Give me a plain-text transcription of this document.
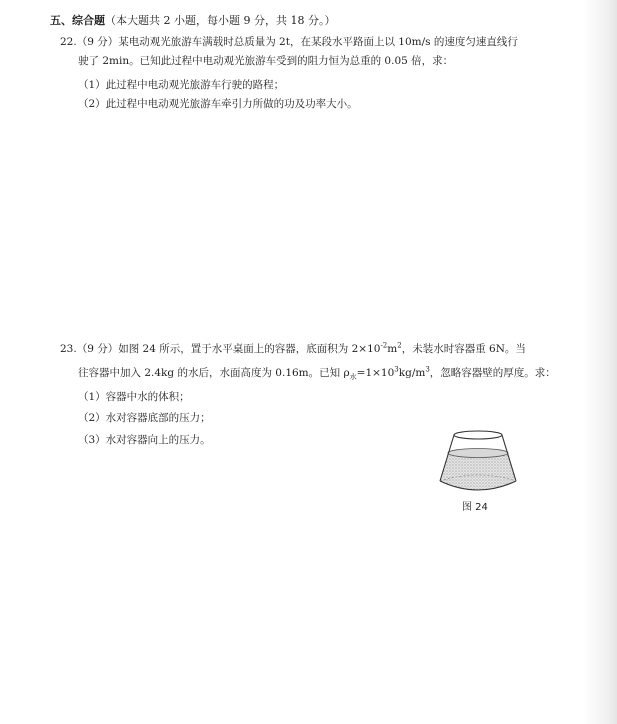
五、综合题（本大题共 2 小题，每小题 9 分，共 18 分。）
22.（9 分）某电动观光旅游车满载时总质量为 2t，在某段水平路面上以 10m/s 的速度匀速直线行
驶了 2min。已知此过程中电动观光旅游车受到的阻力恒为总重的 0.05 倍，求：
（1）此过程中电动观光旅游车行驶的路程；
（2）此过程中电动观光旅游车牵引力所做的功及功率大小。
23.（9 分）如图 24 所示，置于水平桌面上的容器，底面积为 $2\times 10^{-2}m^2$，未装水时容器重 6N。当
往容器中加入 2.4kg 的水后，水面高度为 0.16m。已知 $\rho_水=1\times 10^3kg/m^3$，忽略容器壁的厚度。求：
（1）容器中水的体积；
（2）水对容器底部的压力；
（3）水对容器向上的压力。
图 24
